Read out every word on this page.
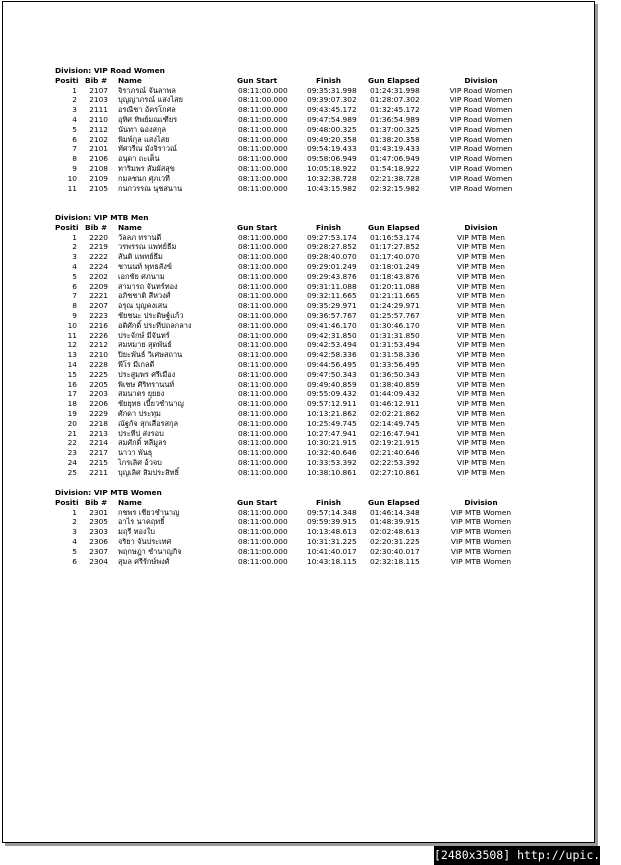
Division: VIP Road Women
Positi Bib # Name	Gun Start	Finish	Gun Elapsed	Division
1	2107 จิราภรณ์ จันลาพล	08:11:00.000	09:35:31.998 01:24:31.998	VIP Road Women
2	2103 บุญญาภรณ์ แสงไสย	08:11:00.000	09:39:07.302 01:28:07.302	VIP Road Women
3	2111 อรณีชา อัครโกศล	08:11:00.000	09:43:45.172 01:32:45.172	VIP Road Women
4	2110 อุทิศ ทิพย์มณเฑียร	08:11:00.000	09:47:54.989 01:36:54.989	VIP Road Women
5	2112 นันทา ฉองสกุล	08:11:00.000	09:48:00.325 01:37:00.325	VIP Road Women
6	2102 พิมพ์กุล แสงไสย	08:11:00.000	09:49:20.358 01:38:20.358	VIP Road Women
7	2101 ทัศวรีณ มังจิราวณ์	08:11:00.000	09:54:19.433 01:43:19.433	VIP Road Women
8	2106 อนุดา ถะเต็น	08:11:00.000	09:58:06.949 01:47:06.949	VIP Road Women
9	2108 ทาริมพร สัมผัสสุข	08:11:00.000	10:05:18.922 01:54:18.922	VIP Road Women
10	2109 กมลชนก ศุภเวที	08:11:00.000	10:32:38.728 02:21:38.728	VIP Road Women
11	2105 กนกวรรณ นุชสนาน	08:11:00.000	10:43:15.982 02:32:15.982	VIP Road Women
Division: VIP MTB Men
Positi Bib # Name	Gun Start	Finish	Gun Elapsed	Division
1	2220 วัลลภ ทรานดี	08:11:00.000	09:27:53.174 01:16:53.174	VIP MTB Men
2	2219 วรพรรณ แพทย์ธีม	08:11:00.000	09:28:27.852 01:17:27.852	VIP MTB Men
3	2222 สันติ แพทย์ธีม	08:11:00.000	09:28:40.070 01:17:40.070	VIP MTB Men
4	2224 ชานนท์ พุทธสังข์	08:11:00.000	09:29:01.249 01:18:01.249	VIP MTB Men
5	2202 เอกชัย ศภนาม	08:11:00.000	09:29:43.876 01:18:43.876	VIP MTB Men
6	2209 สามารถ จันทร์ทอง	08:11:00.000	09:31:11.088 01:20:11.088	VIP MTB Men
7	2221 อภิชชาติ สีหวงศ์	08:11:00.000	09:32:11.665 01:21:11.665	VIP MTB Men
8	2207 อรุณ บุญคงเสน	08:11:00.000	09:35:29.971 01:24:29.971	VIP MTB Men
9	2223 ชัยชนะ ประดิษฐ์แก้ว	08:11:00.000	09:36:57.767 01:25:57.767	VIP MTB Men
10	2216 อดิศักดิ์ ประทีปถลกลาง	08:11:00.000	09:41:46.170 01:30:46.170	VIP MTB Men
11	2226 ประจักษ์ มีจันทร์	08:11:00.000	09:42:31.850 01:31:31.850	VIP MTB Men
12	2212 สมหมาย สุดพันธ์	08:11:00.000	09:42:53.494 01:31:53.494	VIP MTB Men
13	2210 ปิยะพันธ์ วิเศษสถาน	08:11:00.000	09:42:58.336 01:31:58.336	VIP MTB Men
14	2228 พีโร มีเกลดี	08:11:00.000	09:44:56.495 01:33:56.495	VIP MTB Men
15	2225 ประสูมพร ศรีเมือง	08:11:00.000	09:47:50.343 01:36:50.343	VIP MTB Men
16	2205 พิเชษ ศิริทรานนท์	08:11:00.000	09:49:40.859 01:38:40.859	VIP MTB Men
17	2203 สมนาตร ยุยยง	08:11:00.000	09:55:09.432 01:44:09.432	VIP MTB Men
18	2206 ชัยยุทธ เบี้ยวชำนาญ	08:11:00.000	09:57:12.911 01:46:12.911	VIP MTB Men
19	2229 ศักดา ประทุม	08:11:00.000	10:13:21.862 02:02:21.862	VIP MTB Men
20	2218 ณัฐกัจ สุกเสือรสกุล	08:11:00.000	10:25:49.745 02:14:49.745	VIP MTB Men
21	2213 ประทีป ส่งรอบ	08:11:00.000	10:27:47.941 02:16:47.941	VIP MTB Men
22	2214 สมศักดิ์ หลีมูลร	08:11:00.000	10:30:21.915 02:19:21.915	VIP MTB Men
23	2217 นาวา พันธุ	08:11:00.000	10:32:40.646 02:21:40.646	VIP MTB Men
24	2215 ไกรเลิศ อ้วจบ	08:11:00.000	10:33:53.392 02:22:53.392	VIP MTB Men
25	2211 บุญเลิศ สิมประสิทธิ์	08:11:00.000	10:38:10.861 02:27:10.861	VIP MTB Men
Division: VIP MTB Women
Positi Bib # Name	Gun Start	Finish	Gun Elapsed	Division
1	2301 กชพร เชียวชำนาญ	08:11:00.000	09:57:14.348 01:46:14.348	VIP MTB Women
2	2305 อาไร นาคฤทธิ์	08:11:00.000	09:59:39.915 01:48:39.915	VIP MTB Women
3	2303 มฤรี ทองใบ	08:11:00.000	10:13:48.613 02:02:48.613	VIP MTB Women
4	2306 จริยา จันประเทศ	08:11:00.000	10:31:31.225 02:20:31.225	VIP MTB Women
5	2307 พฤกษฎา ชำนาญกิจ	08:11:00.000	10:41:40.017 02:30:40.017	VIP MTB Women
6	2304 สุมล ศรีรักษ์พงศ์	08:11:00.000	10:43:18.115 02:32:18.115	VIP MTB Women
[2480x3508] http://upic.me/
